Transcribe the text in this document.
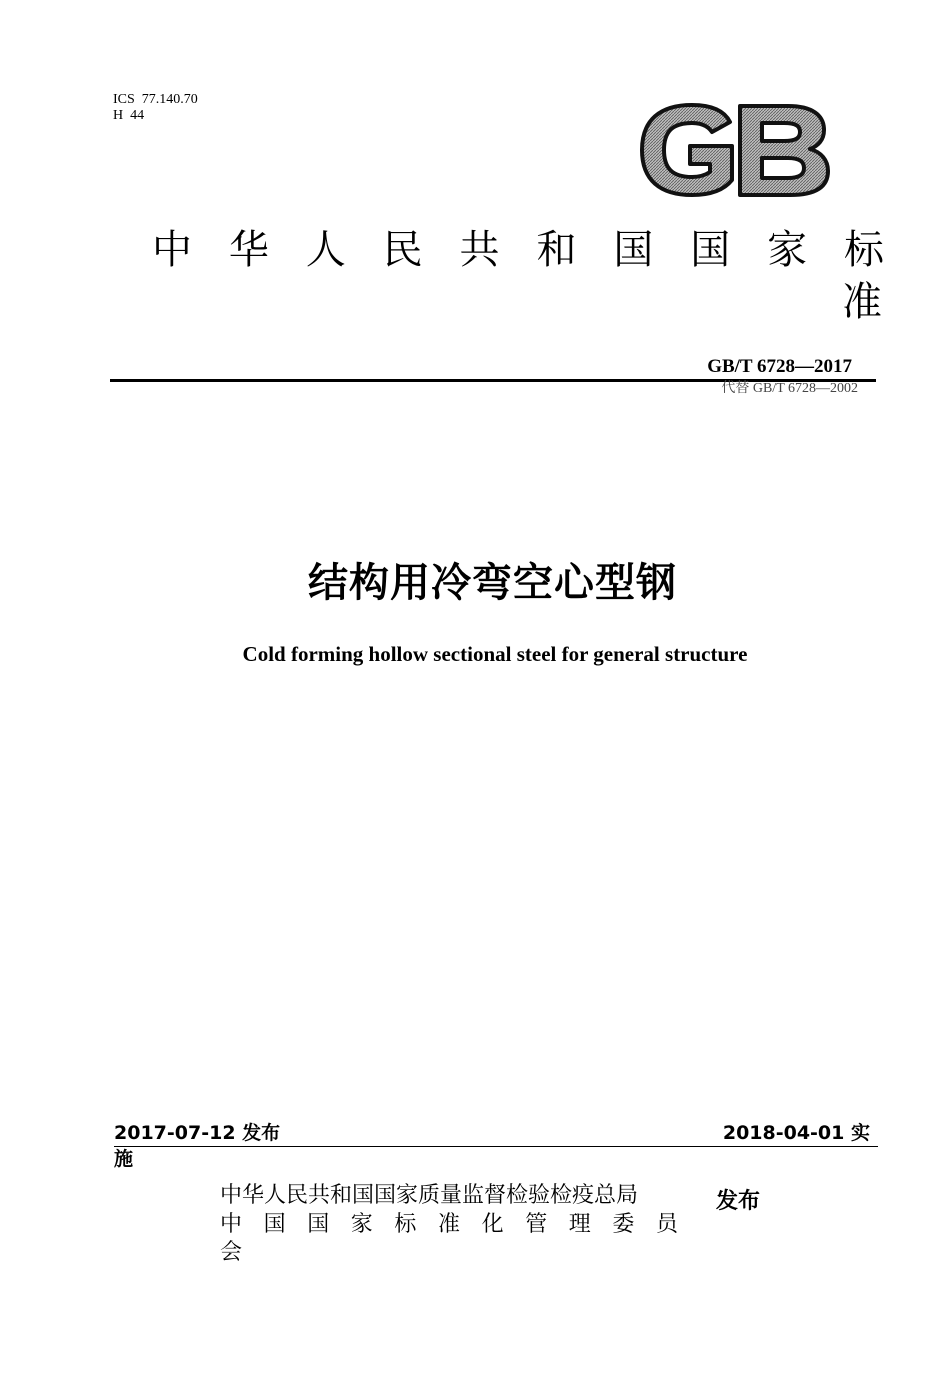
ICS  77.140.70
H  44
中 华 人 民 共 和 国 国 家 标
准
GB/T 6728—2017
代替 GB/T 6728—2002
结构用冷弯空心型钢
Cold forming hollow sectional steel for general structure
2017-07-12 发布	2018-04-01 实
施
中华人民共和国国家质量监督检验检疫总局
中 国 国 家 标 准 化 管 理 委 员
会
发布
